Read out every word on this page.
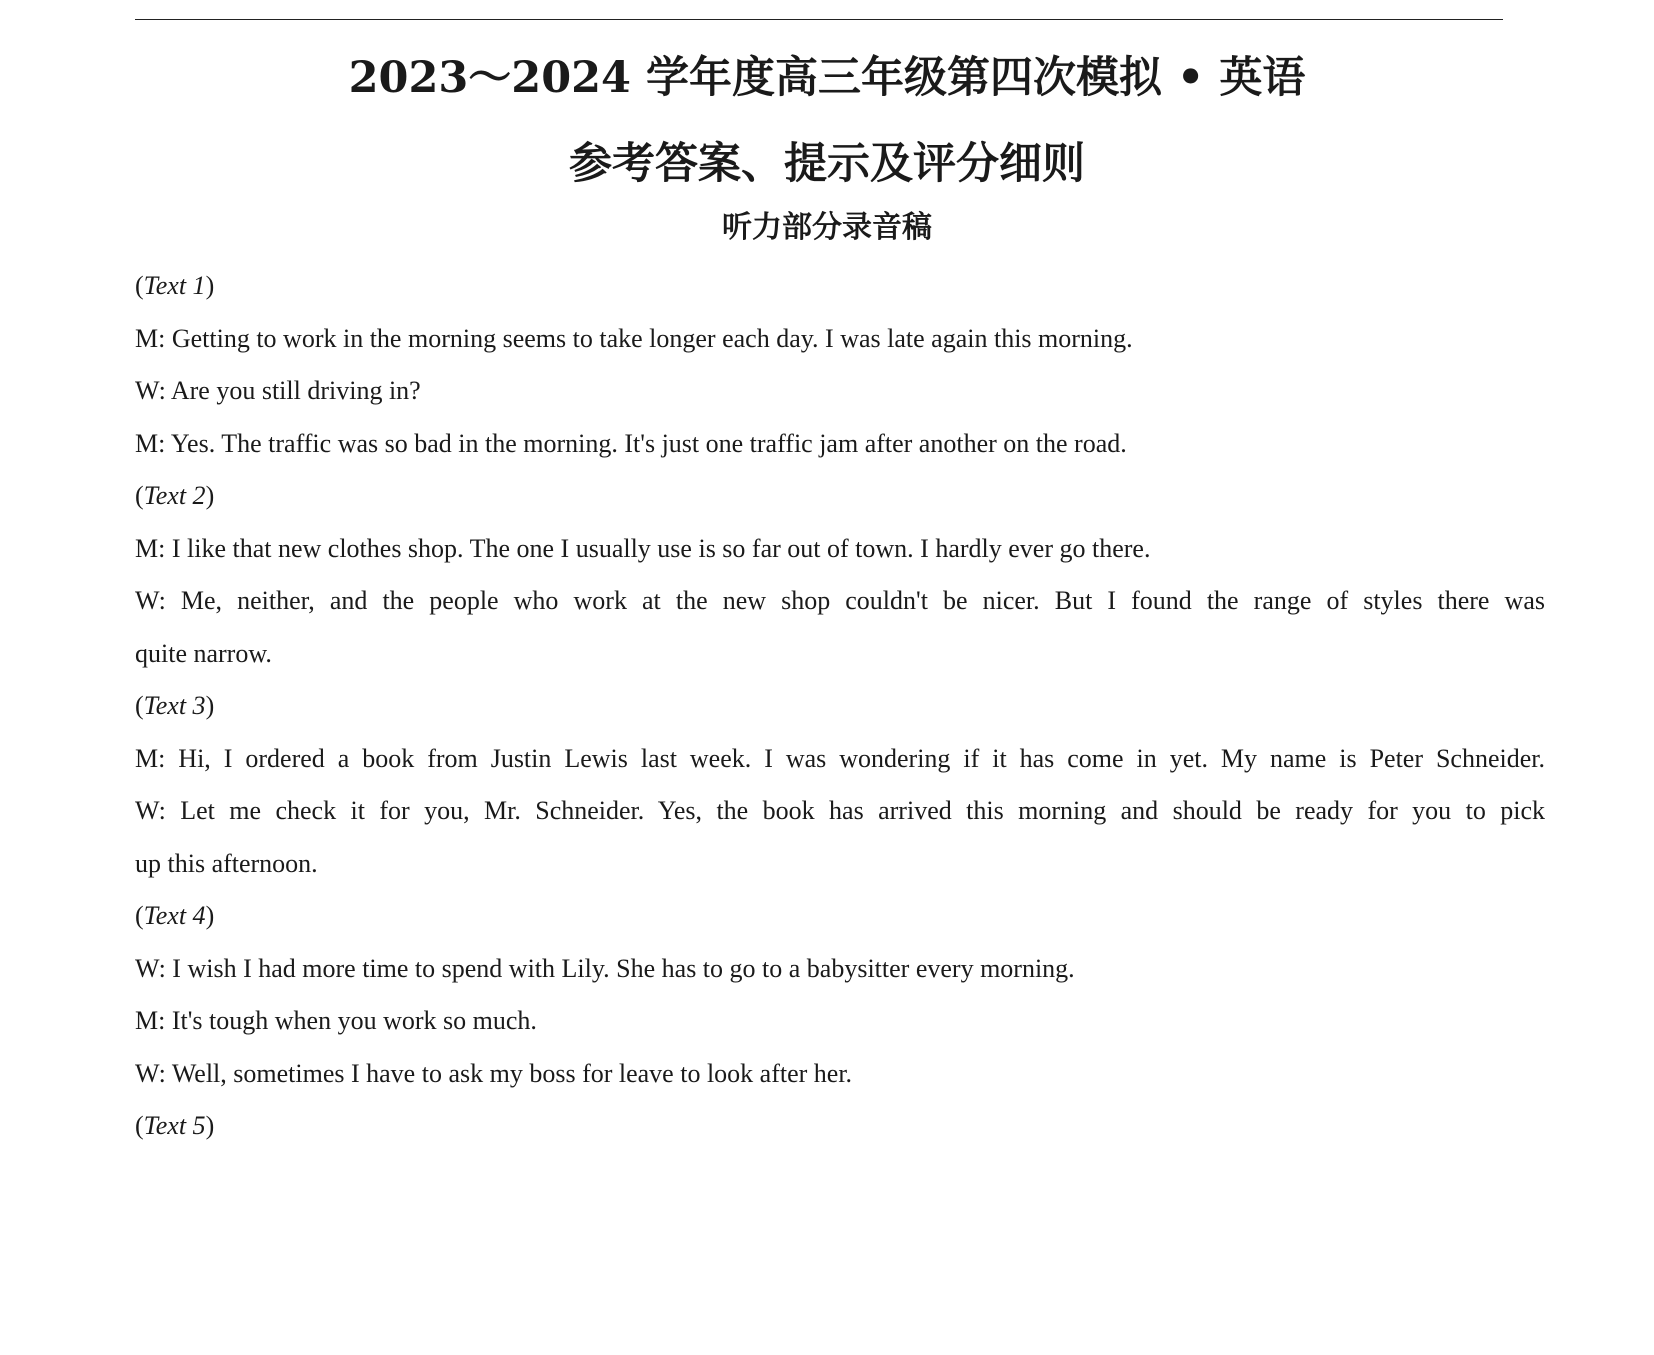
2023～2024 学年度高三年级第四次模拟 • 英语
参考答案、提示及评分细则
听力部分录音稿
(Text 1)
M: Getting to work in the morning seems to take longer each day. I was late again this morning.
W: Are you still driving in?
M: Yes. The traffic was so bad in the morning. It's just one traffic jam after another on the road.
(Text 2)
M: I like that new clothes shop. The one I usually use is so far out of town. I hardly ever go there.
W: Me, neither, and the people who work at the new shop couldn't be nicer. But I found the range of styles there was
quite narrow.
(Text 3)
M: Hi, I ordered a book from Justin Lewis last week. I was wondering if it has come in yet. My name is Peter Schneider.
W: Let me check it for you, Mr. Schneider. Yes, the book has arrived this morning and should be ready for you to pick
up this afternoon.
(Text 4)
W: I wish I had more time to spend with Lily. She has to go to a babysitter every morning.
M: It's tough when you work so much.
W: Well, sometimes I have to ask my boss for leave to look after her.
(Text 5)
